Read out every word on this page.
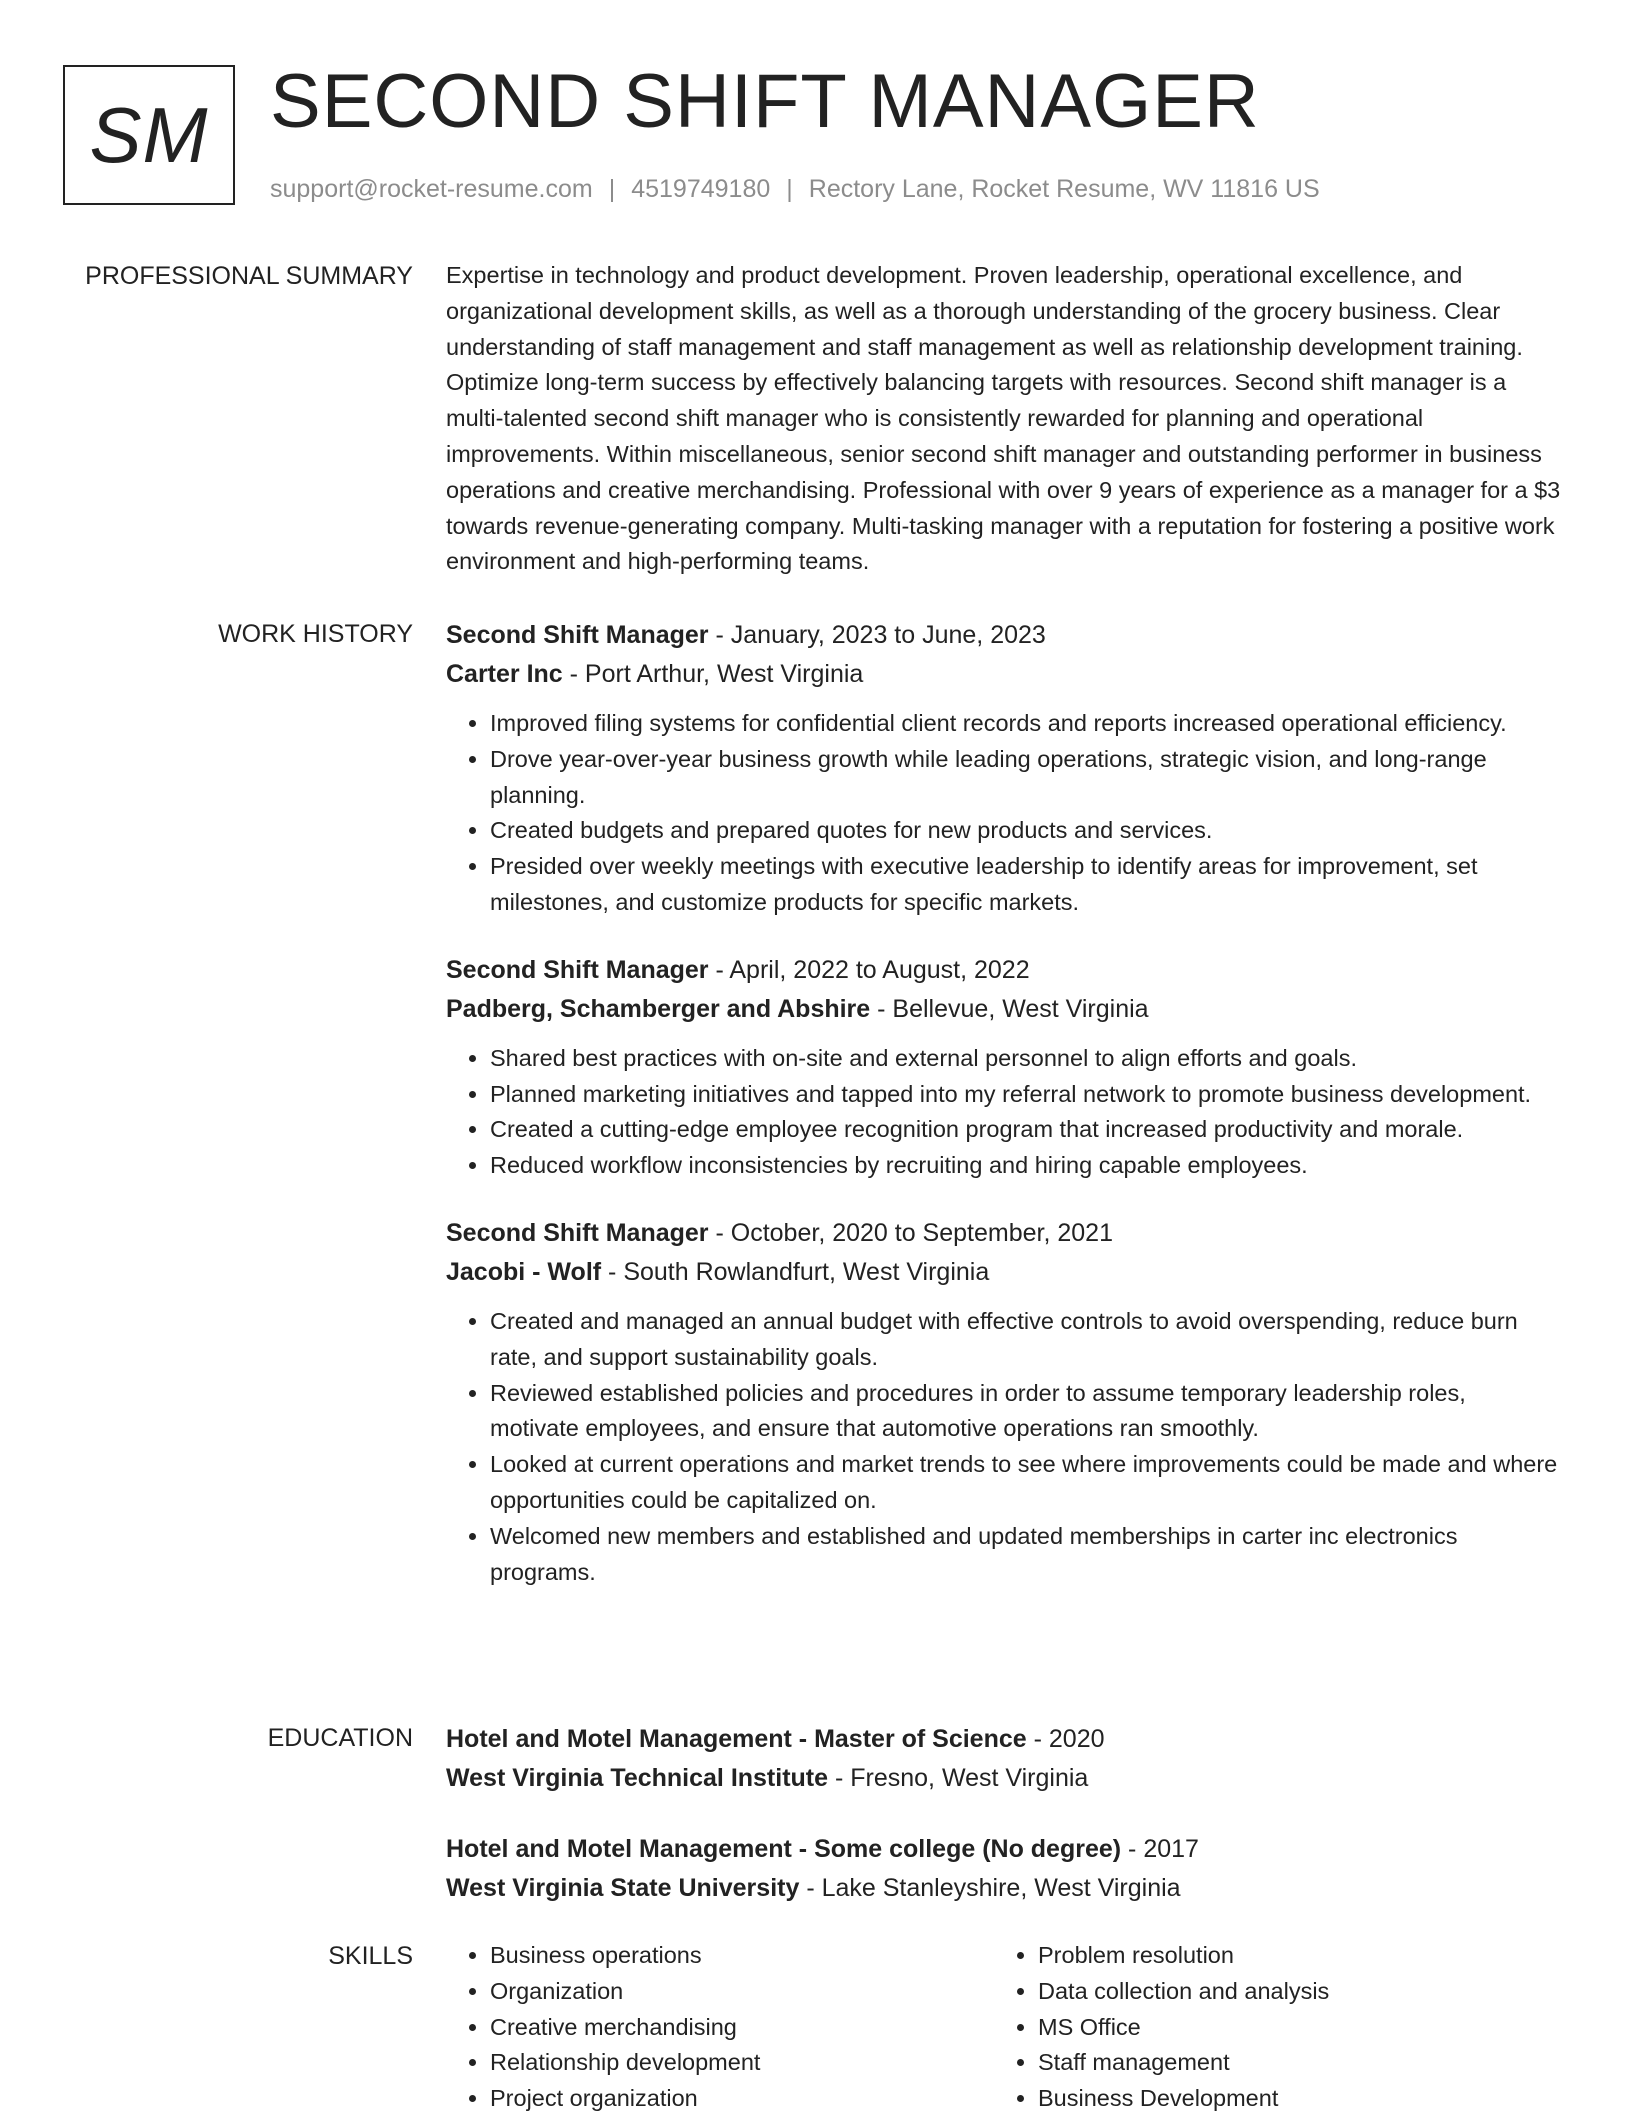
SM SECOND SHIFT MANAGER
support@rocket-resume.com | 4519749180 | Rectory Lane, Rocket Resume, WV 11816 US
PROFESSIONAL SUMMARY Expertise in technology and product development. Proven leadership, operational excellence, and organizational development skills, as well as a thorough understanding of the grocery business. Clear understanding of staff management and staff management as well as relationship development training. Optimize long-term success by effectively balancing targets with resources. Second shift manager is a multi-talented second shift manager who is consistently rewarded for planning and operational improvements. Within miscellaneous, senior second shift manager and outstanding performer in business operations and creative merchandising. Professional with over 9 years of experience as a manager for a $3 towards revenue-generating company. Multi-tasking manager with a reputation for fostering a positive work environment and high-performing teams.

WORK HISTORY Second Shift Manager - January, 2023 to June, 2023
Carter Inc - Port Arthur, West Virginia
• Improved filing systems for confidential client records and reports increased operational efficiency.
• Drove year-over-year business growth while leading operations, strategic vision, and long-range planning.
• Created budgets and prepared quotes for new products and services.
• Presided over weekly meetings with executive leadership to identify areas for improvement, set milestones, and customize products for specific markets.
Second Shift Manager - April, 2022 to August, 2022
Padberg, Schamberger and Abshire - Bellevue, West Virginia
• Shared best practices with on-site and external personnel to align efforts and goals.
• Planned marketing initiatives and tapped into my referral network to promote business development.
• Created a cutting-edge employee recognition program that increased productivity and morale.
• Reduced workflow inconsistencies by recruiting and hiring capable employees.
Second Shift Manager - October, 2020 to September, 2021
Jacobi - Wolf - South Rowlandfurt, West Virginia
• Created and managed an annual budget with effective controls to avoid overspending, reduce burn rate, and support sustainability goals.
• Reviewed established policies and procedures in order to assume temporary leadership roles, motivate employees, and ensure that automotive operations ran smoothly.
• Looked at current operations and market trends to see where improvements could be made and where opportunities could be capitalized on.
• Welcomed new members and established and updated memberships in carter inc electronics programs.
EDUCATION Hotel and Motel Management - Master of Science - 2020
West Virginia Technical Institute - Fresno, West Virginia
Hotel and Motel Management - Some college (No degree) - 2017
West Virginia State University - Lake Stanleyshire, West Virginia
SKILLS
•	Business operations
• Organization
• Creative merchandising
• Relationship development
• Project organization
• Problem resolution
• Data collection and analysis
• MS Office
• Staff management
• Business Development
